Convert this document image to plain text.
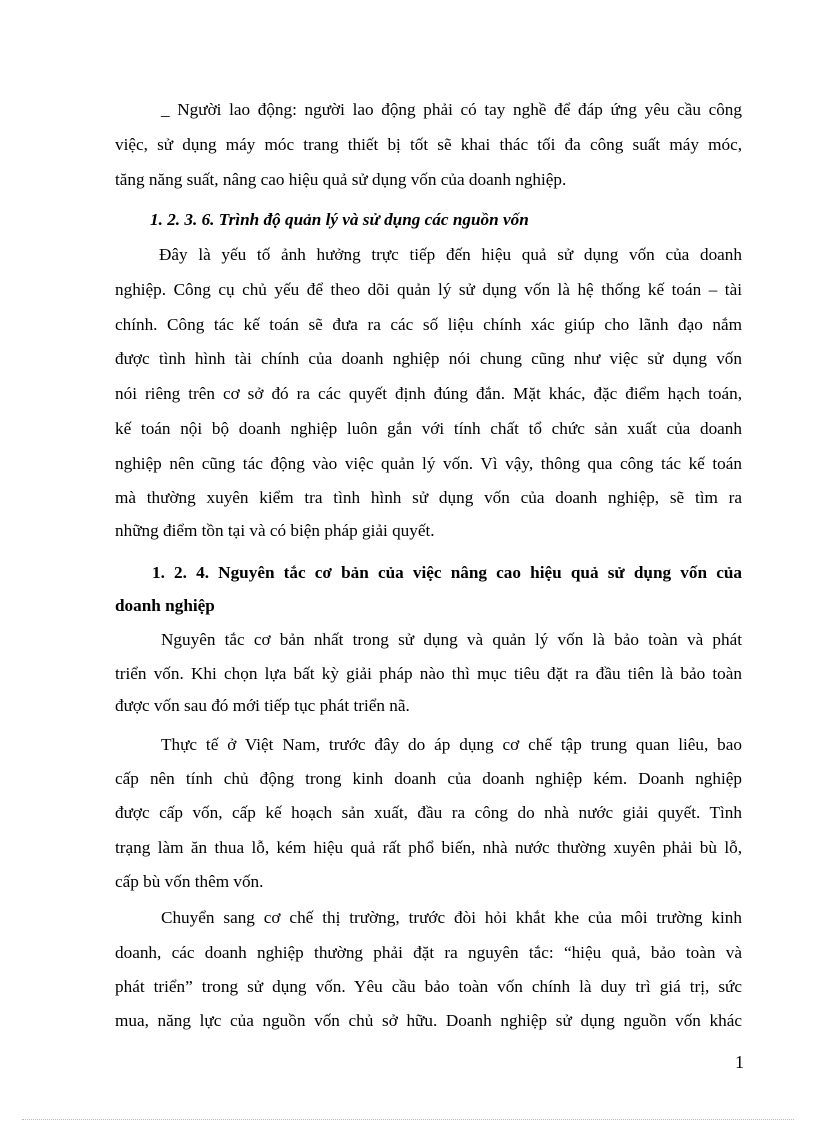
_ Người lao động: người lao động phải có tay nghề để đáp ứng yêu cầu công
việc, sử dụng máy móc trang thiết bị tốt sẽ khai thác tối đa công suất máy móc,
tăng năng suất, nâng cao hiệu quả sử dụng vốn của doanh nghiệp.
1. 2. 3. 6. Trình độ quản lý và sử dụng các nguồn vốn
Đây là yếu tố ảnh hưởng trực tiếp đến hiệu quả sử dụng vốn của doanh
nghiệp. Công cụ chủ yếu để theo dõi quản lý sử dụng vốn là hệ thống kế toán – tài
chính. Công tác kế toán sẽ đưa ra các số liệu chính xác giúp cho lãnh đạo nắm
được tình hình tài chính của doanh nghiệp nói chung cũng như việc sử dụng vốn
nói riêng trên cơ sở đó ra các quyết định đúng đắn. Mặt khác, đặc điểm hạch toán,
kế toán nội bộ doanh nghiệp luôn gắn với tính chất tổ chức sản xuất của doanh
nghiệp nên cũng tác động vào việc quản lý vốn. Vì vậy, thông qua công tác kế toán
mà thường xuyên kiểm tra tình hình sử dụng vốn của doanh nghiệp, sẽ tìm ra
những điểm tồn tại và có biện pháp giải quyết.
1. 2. 4. Nguyên tắc cơ bản của việc nâng cao hiệu quả sử dụng vốn của
doanh nghiệp
Nguyên tắc cơ bản nhất trong sử dụng và quản lý vốn là bảo toàn và phát
triển vốn. Khi chọn lựa bất kỳ giải pháp nào thì mục tiêu đặt ra đầu tiên là bảo toàn
được vốn sau đó mới tiếp tục phát triển nã.
Thực tế ở Việt Nam, trước đây do áp dụng cơ chế tập trung quan liêu, bao
cấp nên tính chủ động trong kinh doanh của doanh nghiệp kém. Doanh nghiệp
được cấp vốn, cấp kế hoạch sản xuất, đầu ra công do nhà nước giải quyết. Tình
trạng làm ăn thua lỗ, kém hiệu quả rất phổ biến, nhà nước thường xuyên phải bù lỗ,
cấp bù vốn thêm vốn.
Chuyển sang cơ chế thị trường, trước đòi hỏi khắt khe của môi trường kinh
doanh, các doanh nghiệp thường phải đặt ra nguyên tắc: “hiệu quả, bảo toàn và
phát triển” trong sử dụng vốn. Yêu cầu bảo toàn vốn chính là duy trì giá trị, sức
mua, năng lực của nguồn vốn chủ sở hữu. Doanh nghiệp sử dụng nguồn vốn khác
1
